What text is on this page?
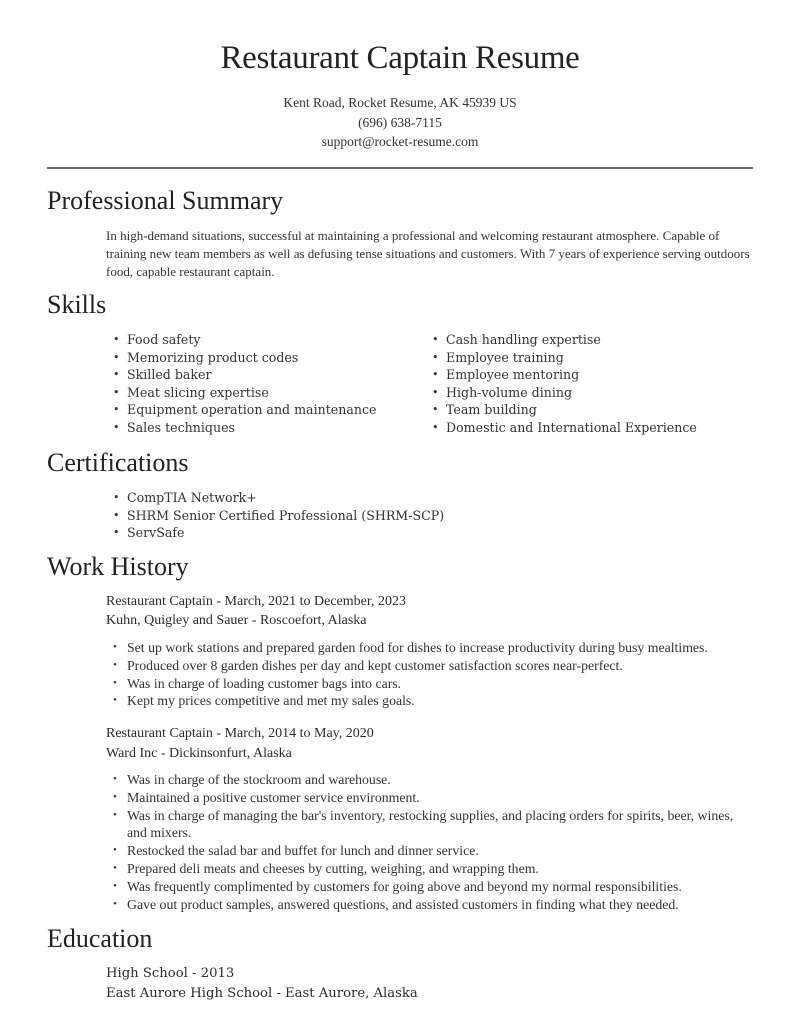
Restaurant Captain Resume
Kent Road, Rocket Resume, AK 45939 US
(696) 638-7115
support@rocket-resume.com
Professional Summary

In high-demand situations, successful at maintaining a professional and welcoming restaurant atmosphere. Capable of training new team members as well as defusing tense situations and customers. With 7 years of experience serving outdoors food, capable restaurant captain.

Skills
• Food safety
• Memorizing product codes
• Skilled baker
• Meat slicing expertise
• Equipment operation and maintenance
• Sales techniques
• Cash handling expertise
• Employee training
• Employee mentoring
• High-volume dining
• Team building
• Domestic and International Experience
Certifications
• CompTIA Network+
• SHRM Senior Certified Professional (SHRM-SCP)
• ServSafe
Work History
Restaurant Captain - March, 2021 to December, 2023
Kuhn, Quigley and Sauer - Roscoefort, Alaska
• Set up work stations and prepared garden food for dishes to increase productivity during busy mealtimes.
• Produced over 8 garden dishes per day and kept customer satisfaction scores near-perfect.
• Was in charge of loading customer bags into cars.
• Kept my prices competitive and met my sales goals.
Restaurant Captain - March, 2014 to May, 2020
Ward Inc - Dickinsonfurt, Alaska
• Was in charge of the stockroom and warehouse.
• Maintained a positive customer service environment.
• Was in charge of managing the bar's inventory, restocking supplies, and placing orders for spirits, beer, wines, and mixers.
• Restocked the salad bar and buffet for lunch and dinner service.
• Prepared deli meats and cheeses by cutting, weighing, and wrapping them.
• Was frequently complimented by customers for going above and beyond my normal responsibilities.
• Gave out product samples, answered questions, and assisted customers in finding what they needed.
Education
High School - 2013
East Aurore High School - East Aurore, Alaska
